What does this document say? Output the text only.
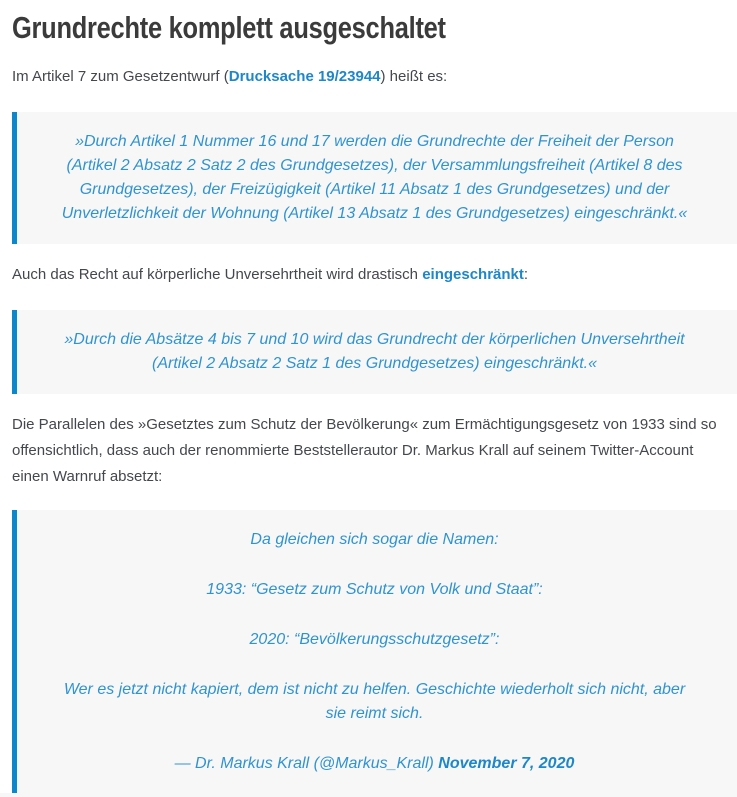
Grundrechte komplett ausgeschaltet

Im Artikel 7 zum Gesetzentwurf (Drucksache 19/23944) heißt es:

»Durch Artikel 1 Nummer 16 und 17 werden die Grundrechte der Freiheit der Person (Artikel 2 Absatz 2 Satz 2 des Grundgesetzes), der Versammlungsfreiheit (Artikel 8 des Grundgesetzes), der Freizügigkeit (Artikel 11 Absatz 1 des Grundgesetzes) und der Unverletzlichkeit der Wohnung (Artikel 13 Absatz 1 des Grundgesetzes) eingeschränkt.«

Auch das Recht auf körperliche Unversehrtheit wird drastisch eingeschränkt:

»Durch die Absätze 4 bis 7 und 10 wird das Grundrecht der körperlichen Unversehrtheit (Artikel 2 Absatz 2 Satz 1 des Grundgesetzes) eingeschränkt.«

Die Parallelen des »Gesetztes zum Schutz der Bevölkerung« zum Ermächtigungsgesetz von 1933 sind so offensichtlich, dass auch der renommierte Beststellerautor Dr. Markus Krall auf seinem Twitter-Account einen Warnruf absetzt:

Da gleichen sich sogar die Namen:

1933: “Gesetz zum Schutz von Volk und Staat”:

2020: “Bevölkerungsschutzgesetz”:

Wer es jetzt nicht kapiert, dem ist nicht zu helfen. Geschichte wiederholt sich nicht, aber sie reimt sich.

— Dr. Markus Krall (@Markus_Krall) November 7, 2020
